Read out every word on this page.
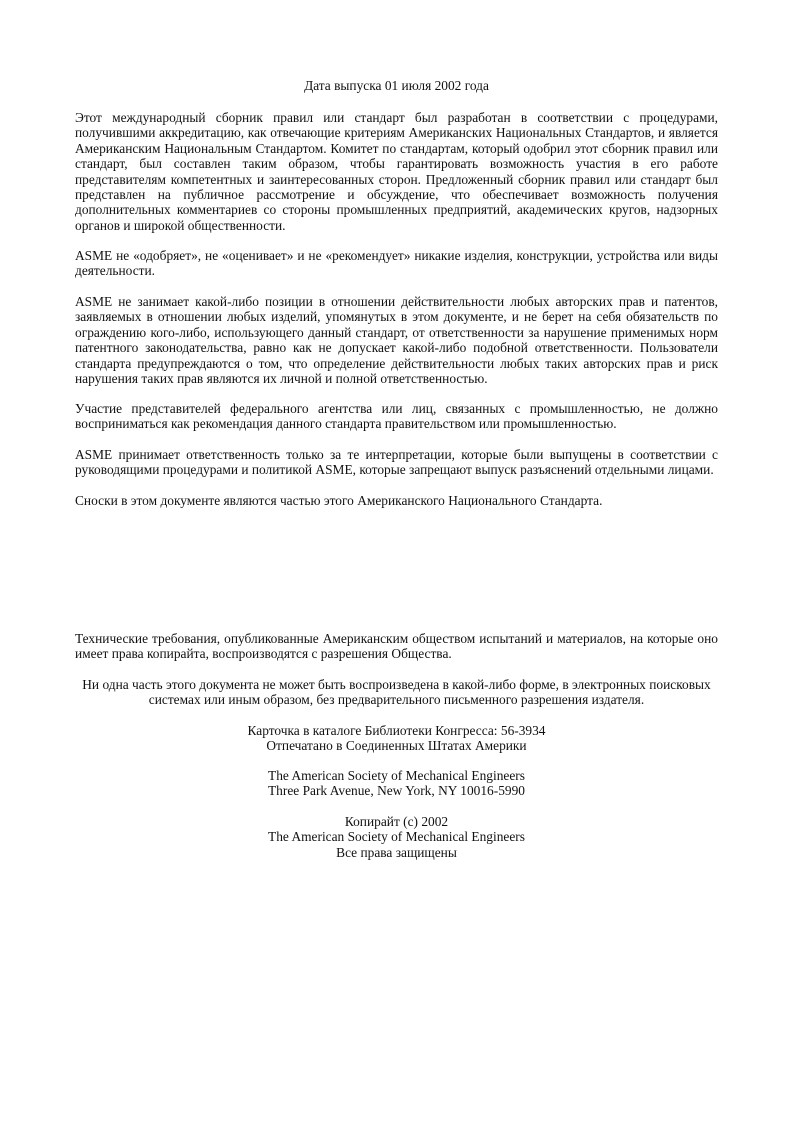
Дата выпуска 01 июля 2002 года

Этот международный сборник правил или стандарт был разработан в соответствии с процедурами, получившими аккредитацию, как отвечающие критериям Американских Национальных Стандартов, и является Американским Национальным Стандартом. Комитет по стандартам, который одобрил этот сборник правил или стандарт, был составлен таким образом, чтобы гарантировать возможность участия в его работе представителям компетентных и заинтересованных сторон. Предложенный сборник правил или стандарт был представлен на публичное рассмотрение и обсуждение, что обеспечивает возможность получения дополнительных комментариев со стороны промышленных предприятий, академических кругов, надзорных органов и широкой общественности.

ASME не «одобряет», не «оценивает» и не «рекомендует» никакие изделия, конструкции, устройства или виды деятельности.

ASME не занимает какой-либо позиции в отношении действительности любых авторских прав и патентов, заявляемых в отношении любых изделий, упомянутых в этом документе, и не берет на себя обязательств по ограждению кого-либо, использующего данный стандарт, от ответственности за нарушение применимых норм патентного законодательства, равно как не допускает какой-либо подобной ответственности. Пользователи стандарта предупреждаются о том, что определение действительности любых таких авторских прав и риск нарушения таких прав являются их личной и полной ответственностью.

Участие представителей федерального агентства или лиц, связанных с промышленностью, не должно восприниматься как рекомендация данного стандарта правительством или промышленностью.

ASME принимает ответственность только за те интерпретации, которые были выпущены в соответствии с руководящими процедурами и политикой ASME, которые запрещают выпуск разъяснений отдельными лицами.

Сноски в этом документе являются частью этого Американского Национального Стандарта.

Технические требования, опубликованные Американским обществом испытаний и материалов, на которые оно имеет права копирайта, воспроизводятся с разрешения Общества.

Ни одна часть этого документа не может быть воспроизведена в какой-либо форме, в электронных поисковых
системах или иным образом, без предварительного письменного разрешения издателя.
Карточка в каталоге Библиотеки Конгресса: 56-3934
Отпечатано в Соединенных Штатах Америки
The American Society of Mechanical Engineers
Three Park Avenue, New York, NY 10016-5990
Копирайт (c) 2002
The American Society of Mechanical Engineers
Все права защищены
